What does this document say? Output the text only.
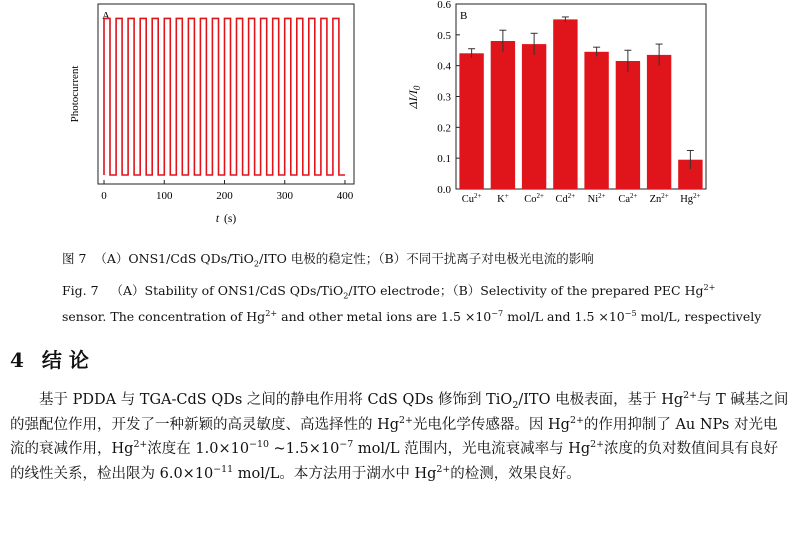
A
Photocurrent
0	100	200	300	400
t (s)
B
$\Delta I/I_0$
0.0
0.1
0.2
0.3
0.4
0.5
0.6
$Cu^{2+}$ K+ $Co^{2+}$ $Cd^{2+}$ $Ni^{2+}$ $Ca^{2+}$ $Zn^{2+}$ $Hg^{2+}$
图 7 （A）ONS1/CdS QDs/TiO$_2$/ITO 电极的稳定性；（B）不同干扰离子对电极光电流的影响
Fig. 7 （A）Stability of ONS1/CdS QDs/TiO$_2$/ITO electrode；（B）Selectivity of the prepared PEC $Hg^{2+}$
sensor. The concentration of $Hg^{2+}$ and other metal ions are $1.5 \times 10^{-7}$ mol/L and $1.5 \times 10^{-5}$ mol/L, respectively
4 结 论

　　基于 PDDA 与 TGA-CdS QDs 之间的静电作用将 CdS QDs 修饰到 TiO$_2$/ITO 电极表面，基于 $Hg^{2+}$与 T 碱基之间的强配位作用，开发了一种新颖的高灵敏度、高选择性的 $Hg^{2+}$光电化学传感器。因 $Hg^{2+}$的作用抑制了 Au NPs 对光电流的衰减作用，$Hg^{2+}$浓度在 $1.0\times 10^{-10}$ $\sim 1.5\times 10^{-7}$ mol/L 范围内，光电流衰减率与 $Hg^{2+}$浓度的负对数值间具有良好的线性关系，检出限为 $6.0\times 10^{-11}$ mol/L。本方法用于湖水中 $Hg^{2+}$的检测，效果良好。
